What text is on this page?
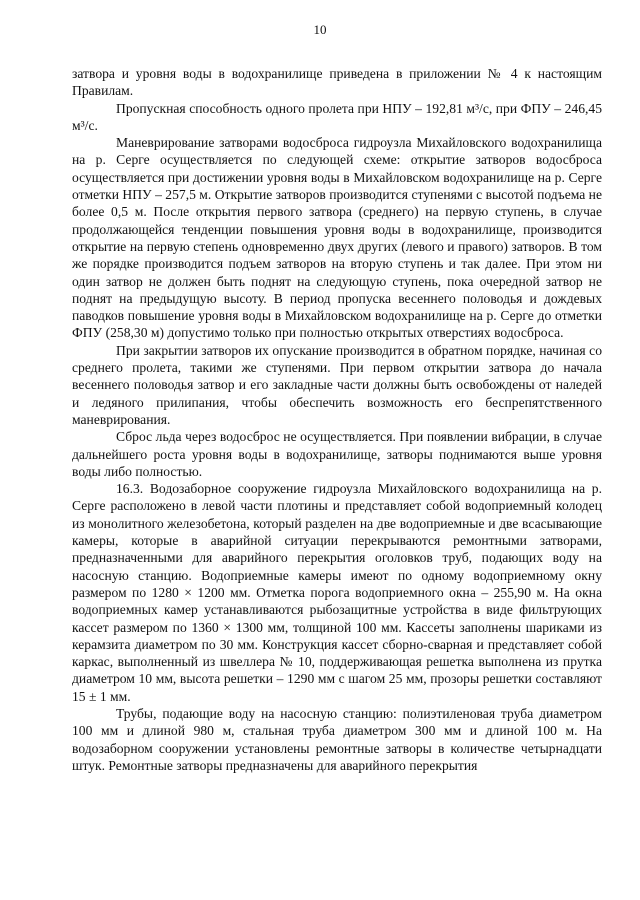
10

затвора и уровня воды в водохранилище приведена в приложении № 4 к настоящим Правилам.

Пропускная способность одного пролета при НПУ – 192,81 м³/с, при ФПУ – 246,45 м³/с.

Маневрирование затворами водосброса гидроузла Михайловского водохранилища на р. Серге осуществляется по следующей схеме: открытие затворов водосброса осуществляется при достижении уровня воды в Михайловском водохранилище на р. Серге отметки НПУ – 257,5 м. Открытие затворов производится ступенями с высотой подъема не более 0,5 м. После открытия первого затвора (среднего) на первую ступень, в случае продолжающейся тенденции повышения уровня воды в водохранилище, производится открытие на первую степень одновременно двух других (левого и правого) затворов. В том же порядке производится подъем затворов на вторую ступень и так далее. При этом ни один затвор не должен быть поднят на следующую ступень, пока очередной затвор не поднят на предыдущую высоту. В период пропуска весеннего половодья и дождевых паводков повышение уровня воды в Михайловском водохранилище на р. Серге до отметки ФПУ (258,30 м) допустимо только при полностью открытых отверстиях водосброса.

При закрытии затворов их опускание производится в обратном порядке, начиная со среднего пролета, такими же ступенями. При первом открытии затвора до начала весеннего половодья затвор и его закладные части должны быть освобождены от наледей и ледяного прилипания, чтобы обеспечить возможность его беспрепятственного маневрирования.

Сброс льда через водосброс не осуществляется. При появлении вибрации, в случае дальнейшего роста уровня воды в водохранилище, затворы поднимаются выше уровня воды либо полностью.

16.3. Водозаборное сооружение гидроузла Михайловского водохранилища на р. Серге расположено в левой части плотины и представляет собой водоприемный колодец из монолитного железобетона, который разделен на две водоприемные и две всасывающие камеры, которые в аварийной ситуации перекрываются ремонтными затворами, предназначенными для аварийного перекрытия оголовков труб, подающих воду на насосную станцию. Водоприемные камеры имеют по одному водоприемному окну размером по 1280 × 1200 мм. Отметка порога водоприемного окна – 255,90 м. На окна водоприемных камер устанавливаются рыбозащитные устройства в виде фильтрующих кассет размером по 1360 × 1300 мм, толщиной 100 мм. Кассеты заполнены шариками из керамзита диаметром по 30 мм. Конструкция кассет сборно-сварная и представляет собой каркас, выполненный из швеллера № 10, поддерживающая решетка выполнена из прутка диаметром 10 мм, высота решетки – 1290 мм с шагом 25 мм, прозоры решетки составляют 15 ± 1 мм.

Трубы, подающие воду на насосную станцию: полиэтиленовая труба диаметром 100 мм и длиной 980 м, стальная труба диаметром 300 мм и длиной 100 м. На водозаборном сооружении установлены ремонтные затворы в количестве четырнадцати штук. Ремонтные затворы предназначены для аварийного перекрытия
